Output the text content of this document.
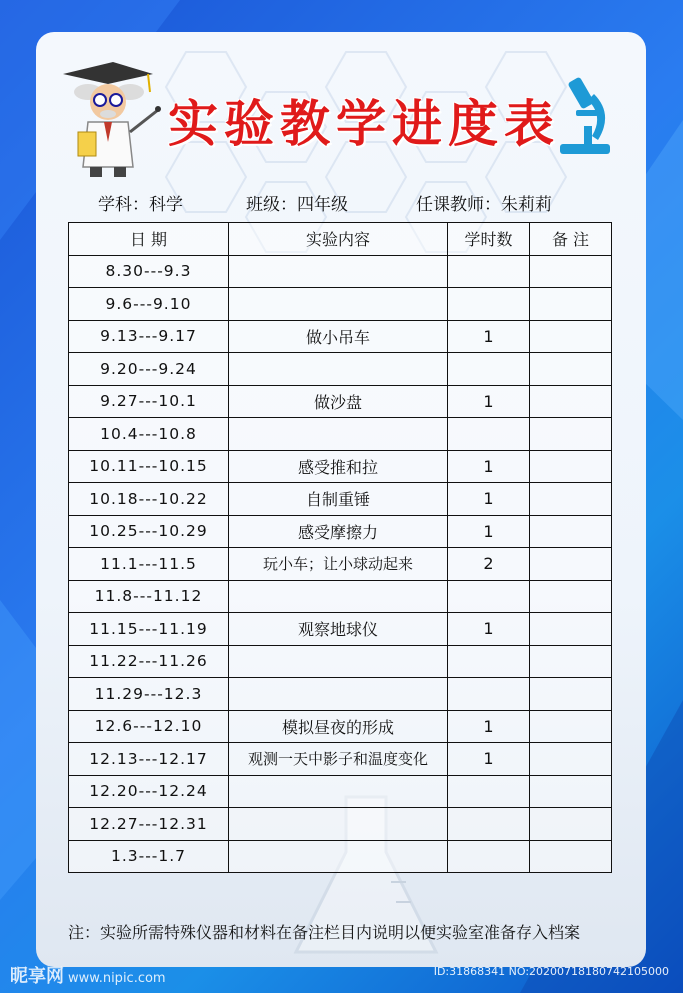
实验教学进度表
学科：科学	班级：四年级	任课教师：朱莉莉
日 期	实验内容	学时数	备 注
8.30---9.3			
9.6---9.10			
9.13---9.17	做小吊车	1	
9.20---9.24			
9.27---10.1	做沙盘	1	
10.4---10.8			
10.11---10.15	感受推和拉	1	
10.18---10.22	自制重锤	1	
10.25---10.29	感受摩擦力	1	
11.1---11.5	玩小车；让小球动起来	2	
11.8---11.12			
11.15---11.19	观察地球仪	1	
11.22---11.26			
11.29---12.3			
12.6---12.10	模拟昼夜的形成	1	
12.13---12.17	观测一天中影子和温度变化	1	
12.20---12.24			
12.27---12.31			
1.3---1.7			
注：实验所需特殊仪器和材料在备注栏目内说明以便实验室准备存入档案
昵享网 www.nipic.com	ID:31868341 NO:20200718180742105000
